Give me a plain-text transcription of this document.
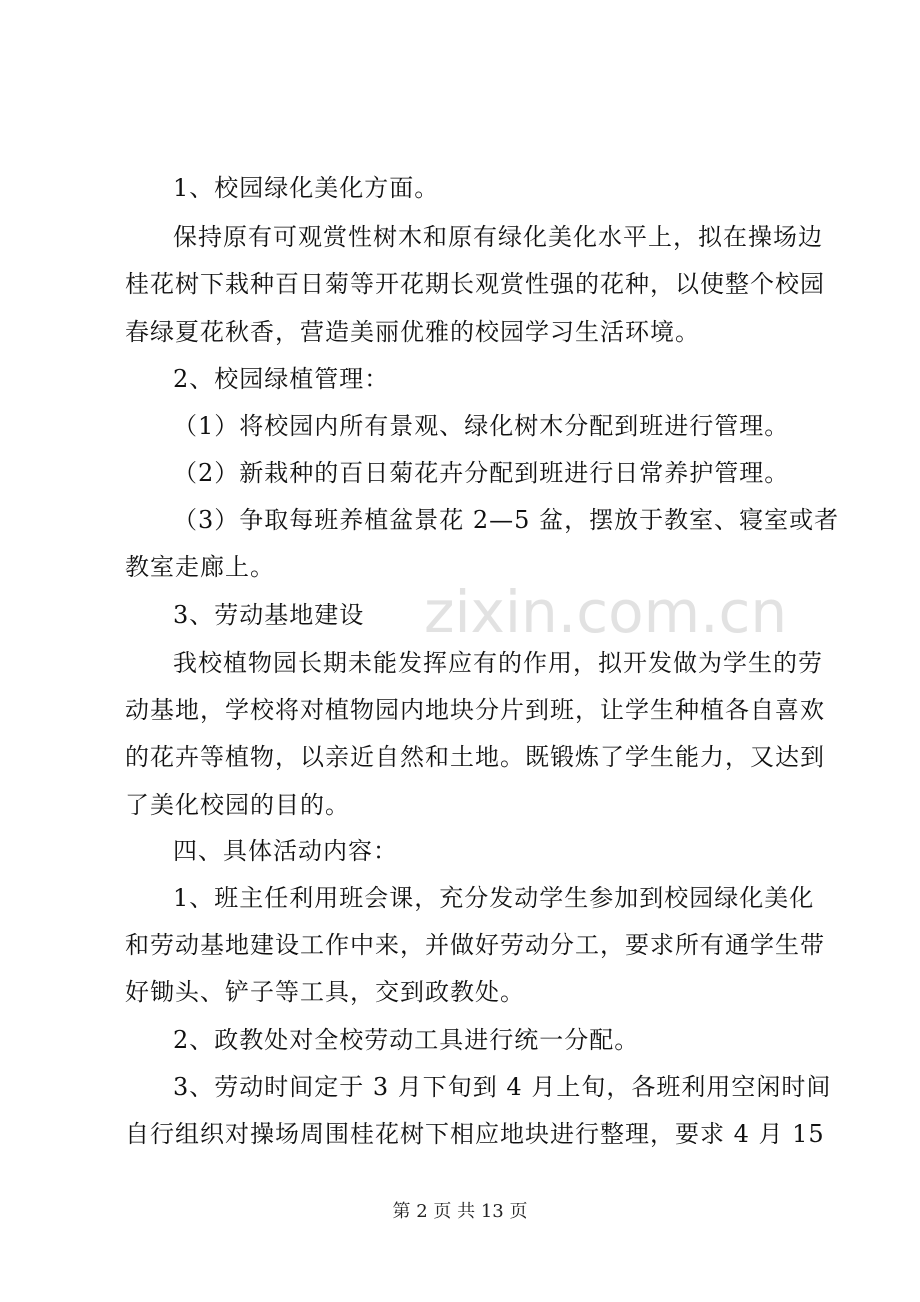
zixin.com.cn
1、校园绿化美化方面。
保持原有可观赏性树木和原有绿化美化水平上，拟在操场边
桂花树下栽种百日菊等开花期长观赏性强的花种，以使整个校园
春绿夏花秋香，营造美丽优雅的校园学习生活环境。
2、校园绿植管理：
（1）将校园内所有景观、绿化树木分配到班进行管理。
（2）新栽种的百日菊花卉分配到班进行日常养护管理。
（3）争取每班养植盆景花 2—5 盆，摆放于教室、寝室或者
教室走廊上。
3、劳动基地建设
我校植物园长期未能发挥应有的作用，拟开发做为学生的劳
动基地，学校将对植物园内地块分片到班，让学生种植各自喜欢
的花卉等植物，以亲近自然和土地。既锻炼了学生能力，又达到
了美化校园的目的。
四、具体活动内容：
1、班主任利用班会课，充分发动学生参加到校园绿化美化
和劳动基地建设工作中来，并做好劳动分工，要求所有通学生带
好锄头、铲子等工具，交到政教处。
2、政教处对全校劳动工具进行统一分配。
3、劳动时间定于 3 月下旬到 4 月上旬，各班利用空闲时间
自行组织对操场周围桂花树下相应地块进行整理，要求 4 月 15
第 2 页 共 13 页
